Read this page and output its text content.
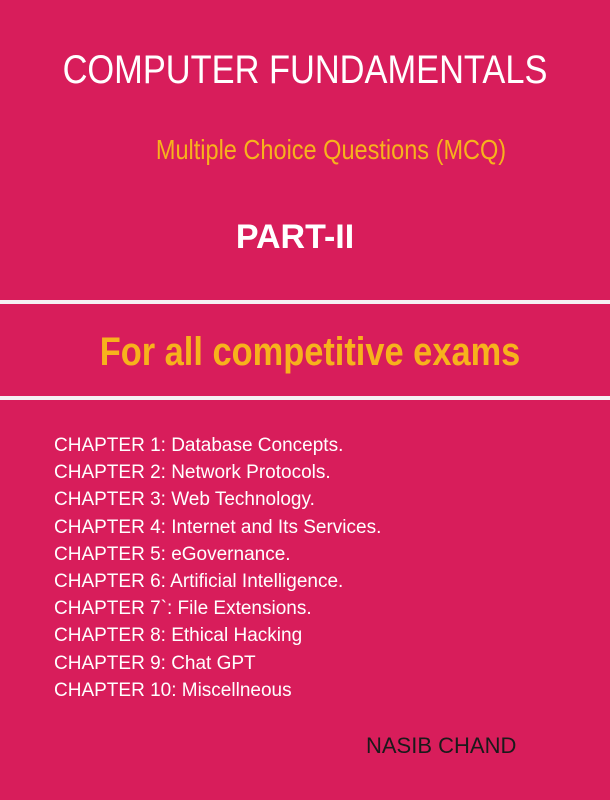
COMPUTER FUNDAMENTALS
Multiple Choice Questions (MCQ)
PART-II
For all competitive exams
CHAPTER 1: Database Concepts.
CHAPTER 2: Network Protocols.
CHAPTER 3: Web Technology.
CHAPTER 4: Internet and Its Services.
CHAPTER 5: eGovernance.
CHAPTER 6: Artificial Intelligence.
CHAPTER 7`: File Extensions.
CHAPTER 8: Ethical Hacking
CHAPTER 9: Chat GPT
CHAPTER 10: Miscellneous
NASIB CHAND
